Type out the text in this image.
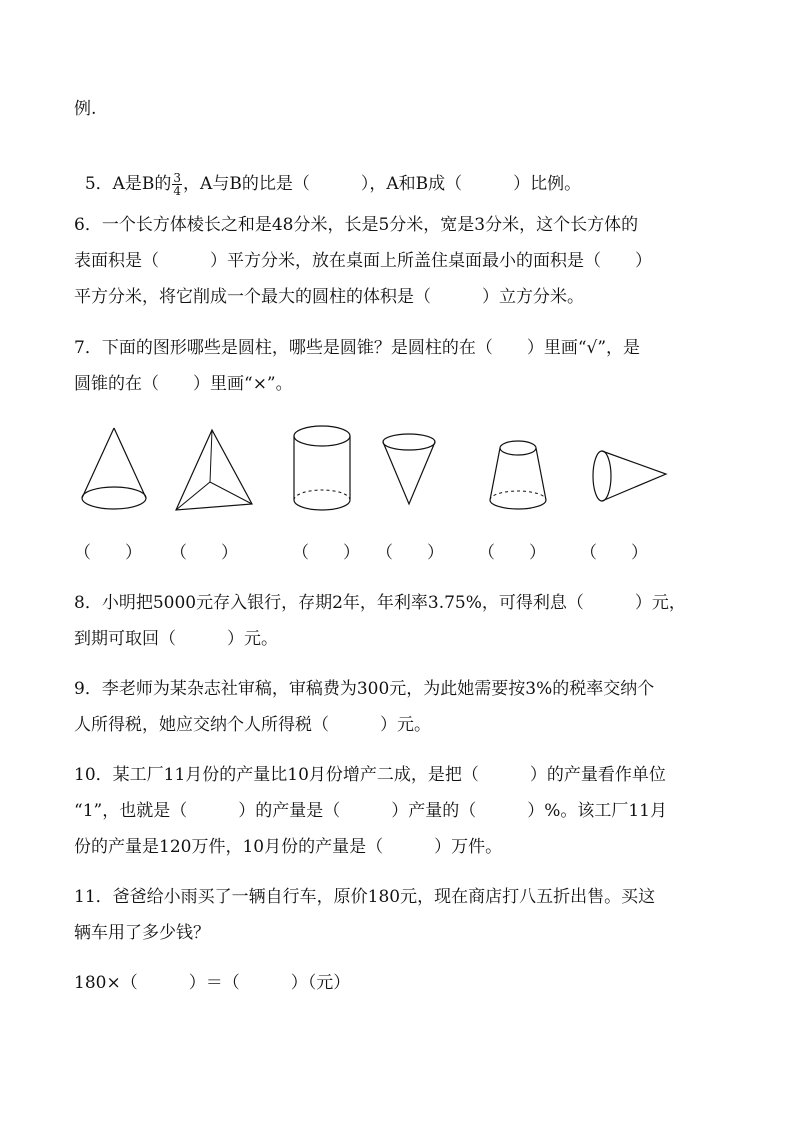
例.

5．A是B的 $\frac{3}{4}$ ，A与B的比是（　　　），A和B成（　　　）比例。

6．一个长方体棱长之和是48分米，长是5分米，宽是3分米，这个长方体的
表面积是（　　　）平方分米，放在桌面上所盖住桌面最小的面积是（　　）
平方分米，将它削成一个最大的圆柱的体积是（　　　）立方分米。
7．下面的图形哪些是圆柱，哪些是圆锥？是圆柱的在（　　）里画“√”，是
圆锥的在（　　）里画“×”。
（　　） （　　）	（　　） （　　） （　　） （　　）
8．小明把5000元存入银行，存期2年，年利率3.75%，可得利息（　　　）元，
到期可取回（　　　）元。
9．李老师为某杂志社审稿，审稿费为300元，为此她需要按3%的税率交纳个
人所得税，她应交纳个人所得税（　　　）元。
10．某工厂11月份的产量比10月份增产二成，是把（　　　）的产量看作单位
“1”，也就是（　　　）的产量是（　　　）产量的（　　　）%。该工厂11月
份的产量是120万件，10月份的产量是（　　　）万件。
11．爸爸给小雨买了一辆自行车，原价180元，现在商店打八五折出售。买这
辆车用了多少钱？
180×（　　　）＝（　　　）（元）
